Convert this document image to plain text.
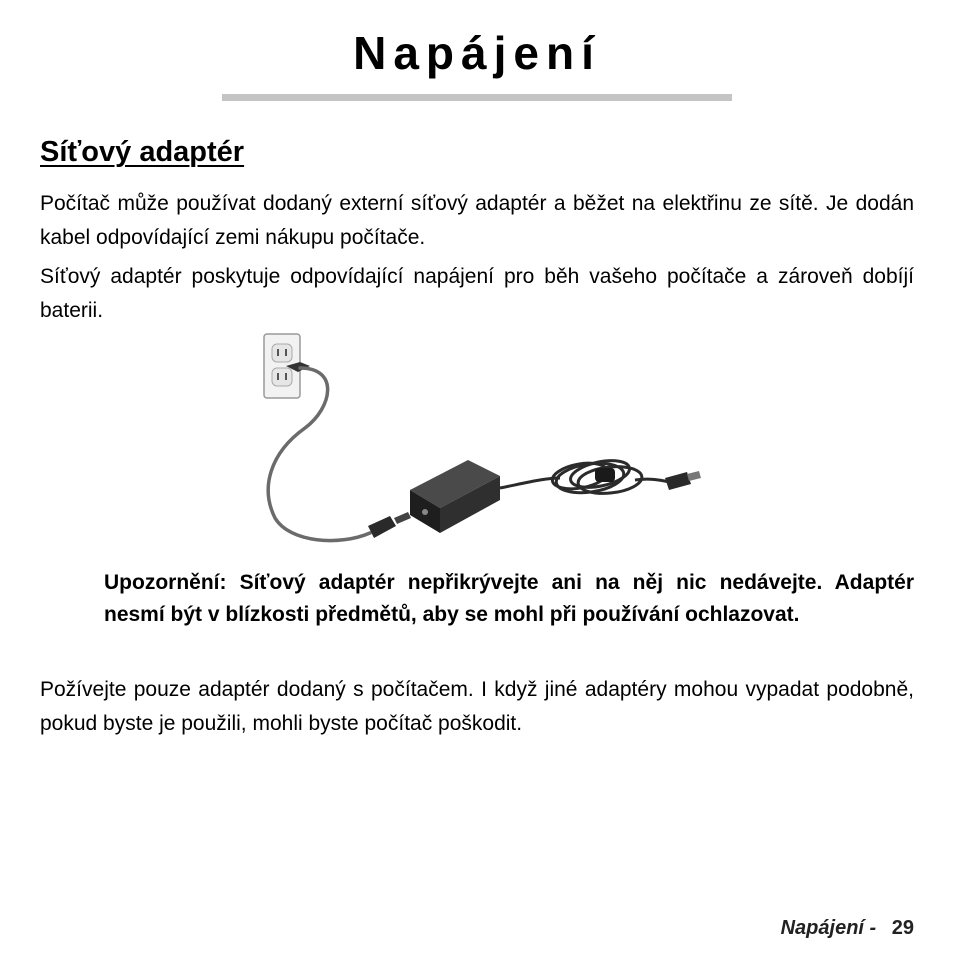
Napájení
Síťový adaptér

Počítač může používat dodaný externí síťový adaptér a běžet na elektřinu ze sítě. Je dodán kabel odpovídající zemi nákupu počítače.

Síťový adaptér poskytuje odpovídající napájení pro běh vašeho počítače a zároveň dobíjí baterii.

Upozornění: Síťový adaptér nepřikrývejte ani na něj nic nedávejte. Adaptér nesmí být v blízkosti předmětů, aby se mohl při používání ochlazovat.

Požívejte pouze adaptér dodaný s počítačem. I když jiné adaptéry mohou vypadat podobně, pokud byste je použili, mohli byste počítač poškodit.

Napájení - 29
